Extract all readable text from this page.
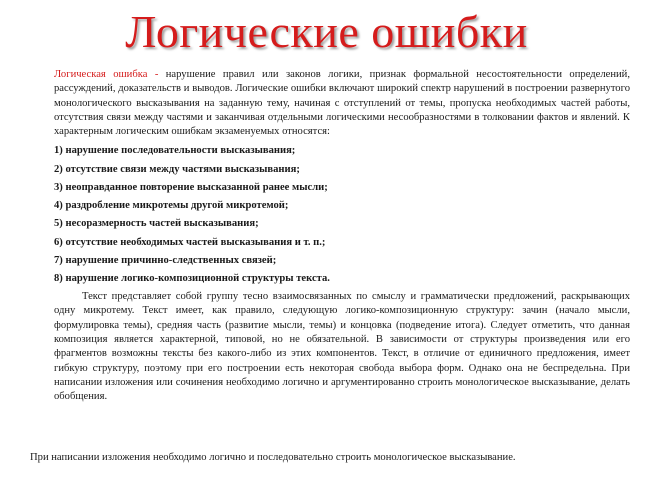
Логические ошибки

Логическая ошибка - нарушение правил или законов логики, признак формальной несостоятельности определений, рассуждений, доказательств и выводов. Логические ошибки включают широкий спектр нарушений в построении развернутого монологического высказывания на заданную тему, начиная с отступлений от темы, пропуска необходимых частей работы, отсутствия связи между частями и заканчивая отдельными логическими несообразностями в толковании фактов и явлений. К характерным логическим ошибкам экзаменуемых относятся:

1) нарушение последовательности высказывания;
2) отсутствие связи между частями высказывания;
3) неоправданное повторение высказанной ранее мысли;
4) раздробление микротемы другой микротемой;
5) несоразмерность частей высказывания;
6) отсутствие необходимых частей высказывания и т. п.;
7) нарушение причинно-следственных связей;
8) нарушение логико-композиционной структуры текста.

Текст представляет собой группу тесно взаимосвязанных по смыслу и грамматически предложений, раскрывающих одну микротему. Текст имеет, как правило, следующую логико-композиционную структуру: зачин (начало мысли, формулировка темы), средняя часть (развитие мысли, темы) и концовка (подведение итога). Следует отметить, что данная композиция является характерной, типовой, но не обязательной. В зависимости от структуры произведения или его фрагментов возможны тексты без какого-либо из этих компонентов. Текст, в отличие от единичного предложения, имеет гибкую структуру, поэтому при его построении есть некоторая свобода выбора форм. Однако она не беспредельна. При написании изложения или сочинения необходимо логично и аргументированно строить монологическое высказывание, делать обобщения.

При написании изложения необходимо логично и последовательно строить монологическое высказывание.
